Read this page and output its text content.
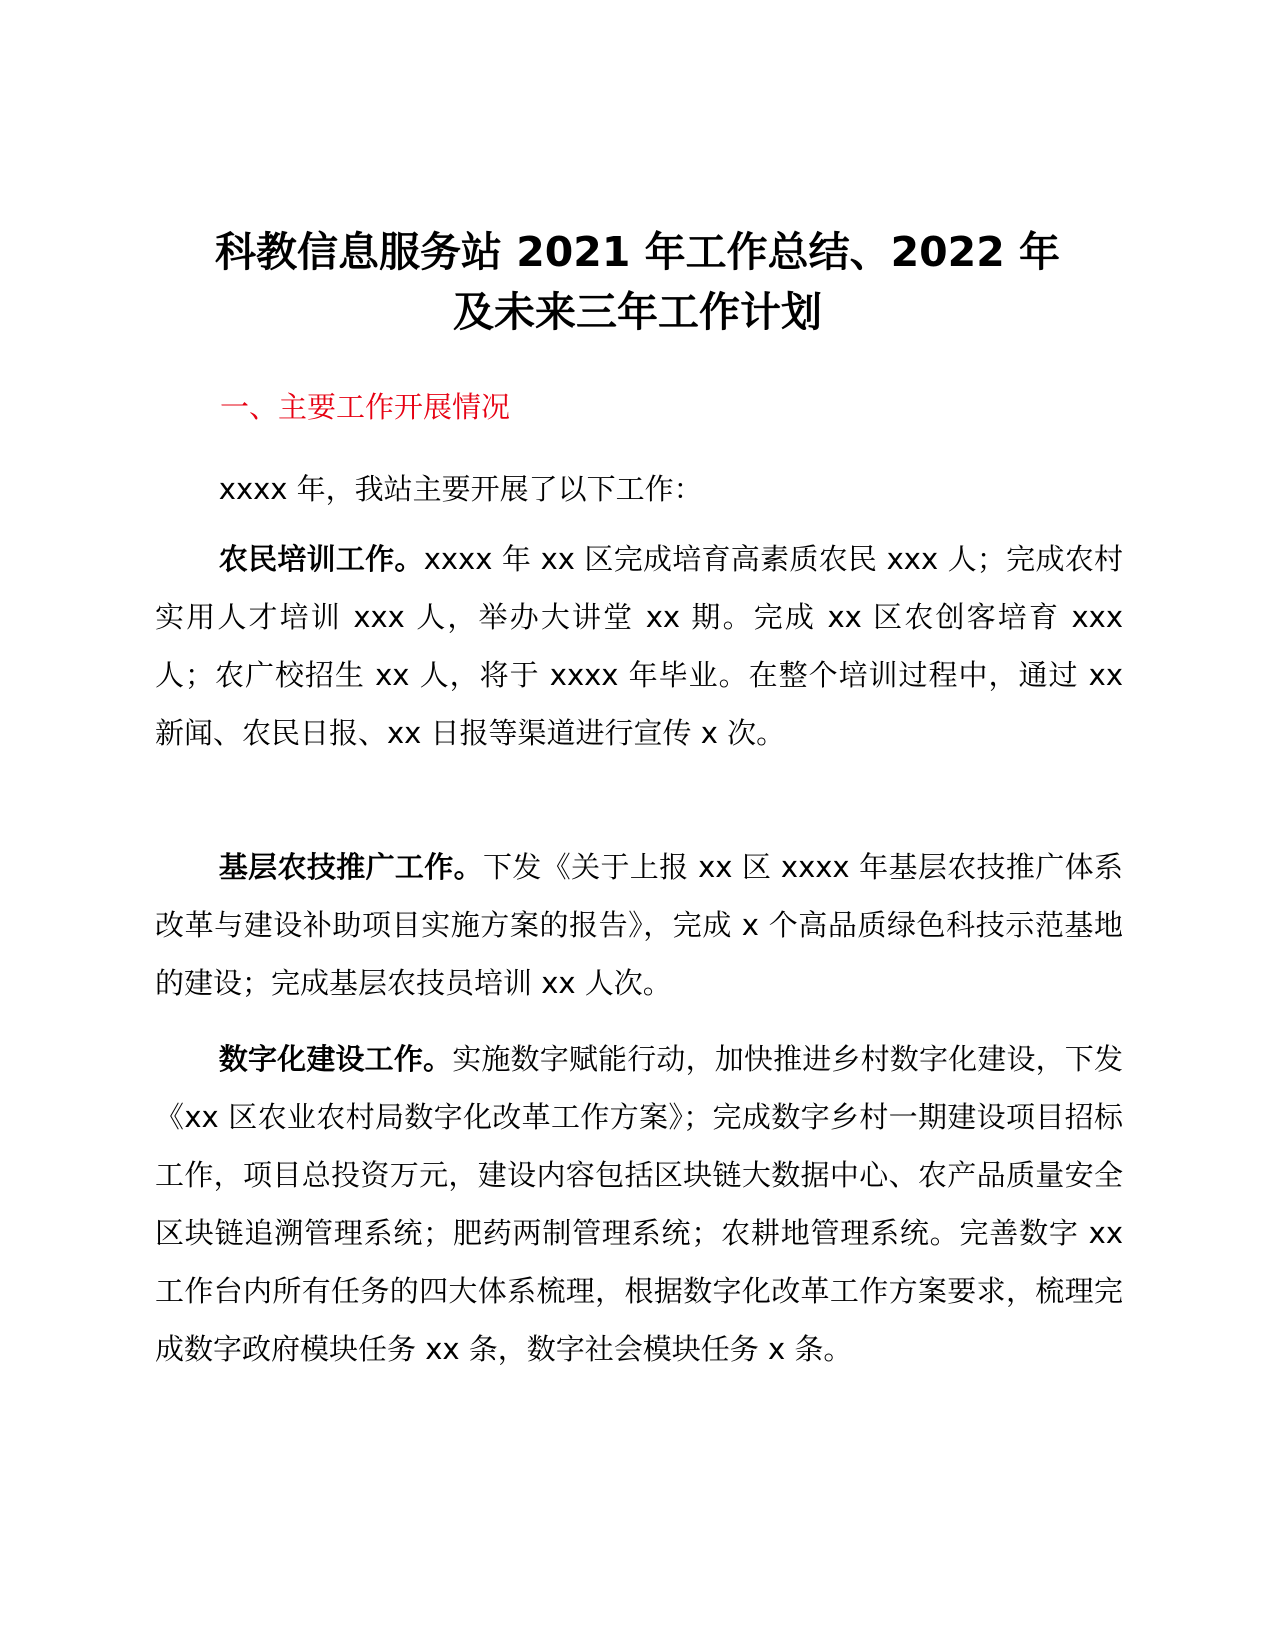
科教信息服务站 2021 年工作总结、2022 年
及未来三年工作计划
一、主要工作开展情况

xxxx 年，我站主要开展了以下工作：

农民培训工作。xxxx 年 xx 区完成培育高素质农民 xxx 人；完成农村实用人才培训 xxx 人，举办大讲堂 xx 期。完成 xx 区农创客培育 xxx 人；农广校招生 xx 人，将于 xxxx 年毕业。在整个培训过程中，通过 xx 新闻、农民日报、xx 日报等渠道进行宣传 x 次。

基层农技推广工作。下发《关于上报 xx 区 xxxx 年基层农技推广体系改革与建设补助项目实施方案的报告》，完成 x 个高品质绿色科技示范基地的建设；完成基层农技员培训 xx 人次。

数字化建设工作。实施数字赋能行动，加快推进乡村数字化建设，下发《xx 区农业农村局数字化改革工作方案》；完成数字乡村一期建设项目招标工作，项目总投资万元，建设内容包括区块链大数据中心、农产品质量安全区块链追溯管理系统；肥药两制管理系统；农耕地管理系统。完善数字 xx 工作台内所有任务的四大体系梳理，根据数字化改革工作方案要求，梳理完成数字政府模块任务 xx 条，数字社会模块任务 x 条。
